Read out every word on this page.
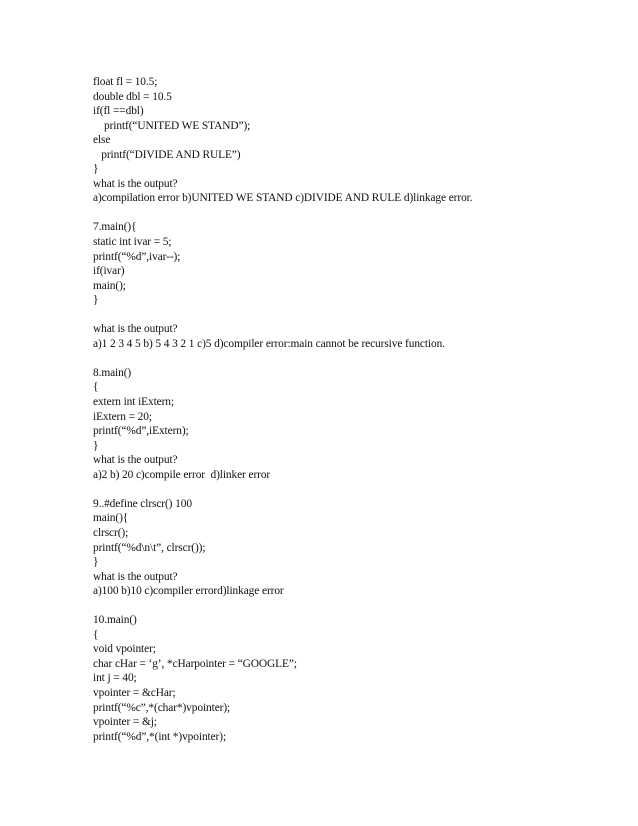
float fl = 10.5;
double dbl = 10.5
if(fl ==dbl)
printf(“UNITED WE STAND”);
else
printf(“DIVIDE AND RULE”)
}
what is the output?
a)compilation error b)UNITED WE STAND c)DIVIDE AND RULE d)linkage error.
7.main(){
static int ivar = 5;
printf(“%d”,ivar--);
if(ivar)
main();
}
what is the output?
a)1 2 3 4 5 b) 5 4 3 2 1 c)5 d)compiler error:main cannot be recursive function.
8.main()
{
extern int iExtern;
iExtern = 20;
printf(“%d”,iExtern);
}
what is the output?
a)2 b) 20 c)compile error  d)linker error
9..#define clrscr() 100
main(){
clrscr();
printf(“%d\n\t”, clrscr());
}
what is the output?
a)100 b)10 c)compiler errord)linkage error
10.main()
{
void vpointer;
char cHar = ‘g’, *cHarpointer = “GOOGLE”;
int j = 40;
vpointer = &cHar;
printf(“%c”,*(char*)vpointer);
vpointer = &j;
printf(“%d”,*(int *)vpointer);
